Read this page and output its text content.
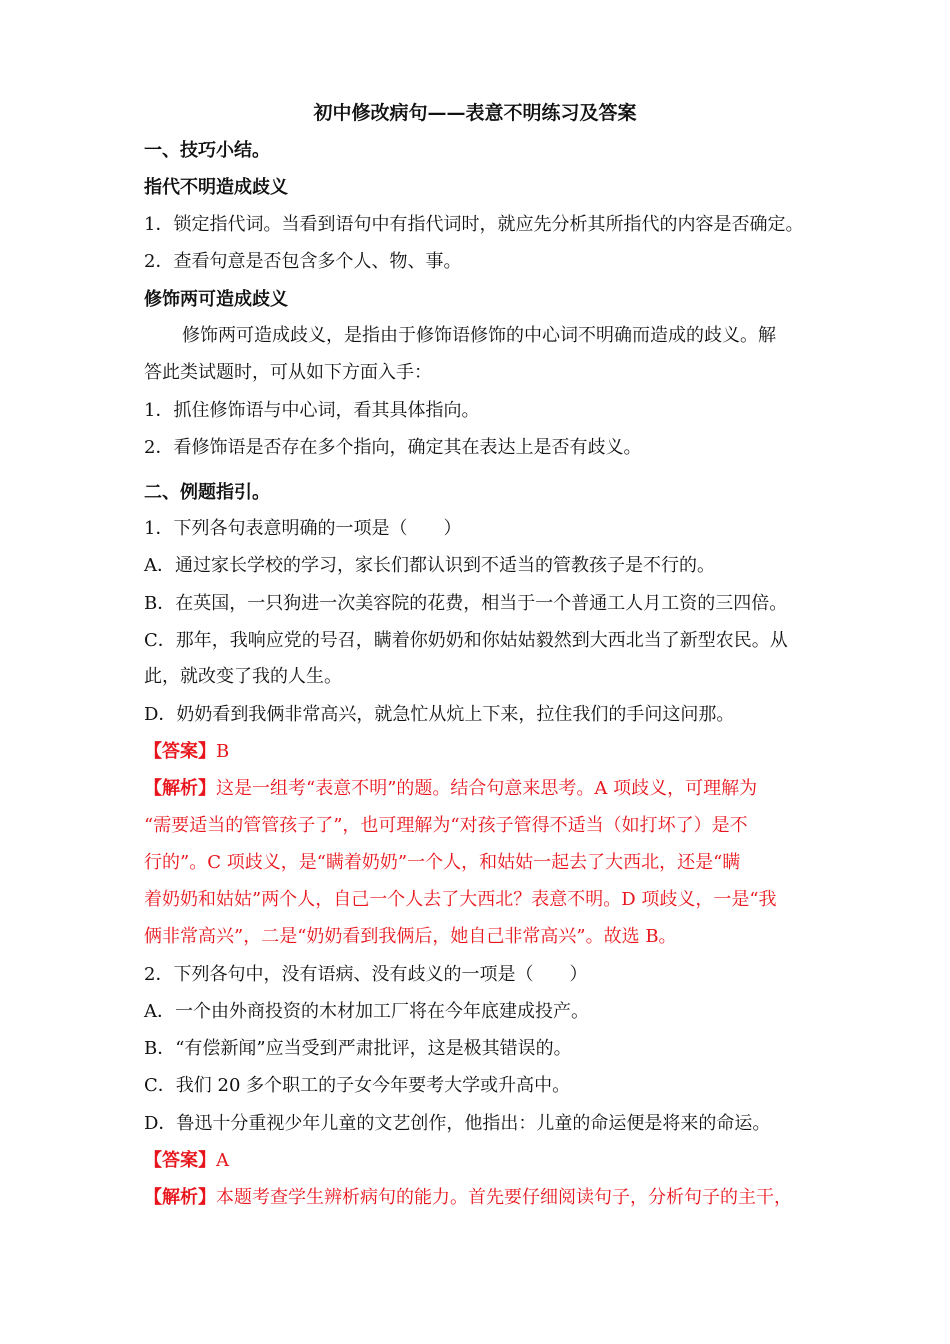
初中修改病句——表意不明练习及答案
一、技巧小结。
指代不明造成歧义
1．锁定指代词。当看到语句中有指代词时，就应先分析其所指代的内容是否确定。
2．查看句意是否包含多个人、物、事。
修饰两可造成歧义
修饰两可造成歧义，是指由于修饰语修饰的中心词不明确而造成的歧义。解
答此类试题时，可从如下方面入手：
1．抓住修饰语与中心词，看其具体指向。
2．看修饰语是否存在多个指向，确定其在表达上是否有歧义。
二、例题指引。
1．下列各句表意明确的一项是（　　）
A．通过家长学校的学习，家长们都认识到不适当的管教孩子是不行的。
B．在英国，一只狗进一次美容院的花费，相当于一个普通工人月工资的三四倍。
C．那年，我响应党的号召，瞒着你奶奶和你姑姑毅然到大西北当了新型农民。从
此，就改变了我的人生。
D．奶奶看到我俩非常高兴，就急忙从炕上下来，拉住我们的手问这问那。
【答案】B
【解析】这是一组考“表意不明”的题。结合句意来思考。A 项歧义，可理解为
“需要适当的管管孩子了”，也可理解为“对孩子管得不适当（如打坏了）是不
行的”。C 项歧义，是“瞒着奶奶”一个人，和姑姑一起去了大西北，还是“瞒
着奶奶和姑姑”两个人，自己一个人去了大西北？表意不明。D 项歧义，一是“我
俩非常高兴”，二是“奶奶看到我俩后，她自己非常高兴”。故选 B。
2．下列各句中，没有语病、没有歧义的一项是（　　）
A．一个由外商投资的木材加工厂将在今年底建成投产。
B．“有偿新闻”应当受到严肃批评，这是极其错误的。
C．我们 20 多个职工的子女今年要考大学或升高中。
D．鲁迅十分重视少年儿童的文艺创作，他指出：儿童的命运便是将来的命运。
【答案】A
【解析】本题考查学生辨析病句的能力。首先要仔细阅读句子，分析句子的主干，
